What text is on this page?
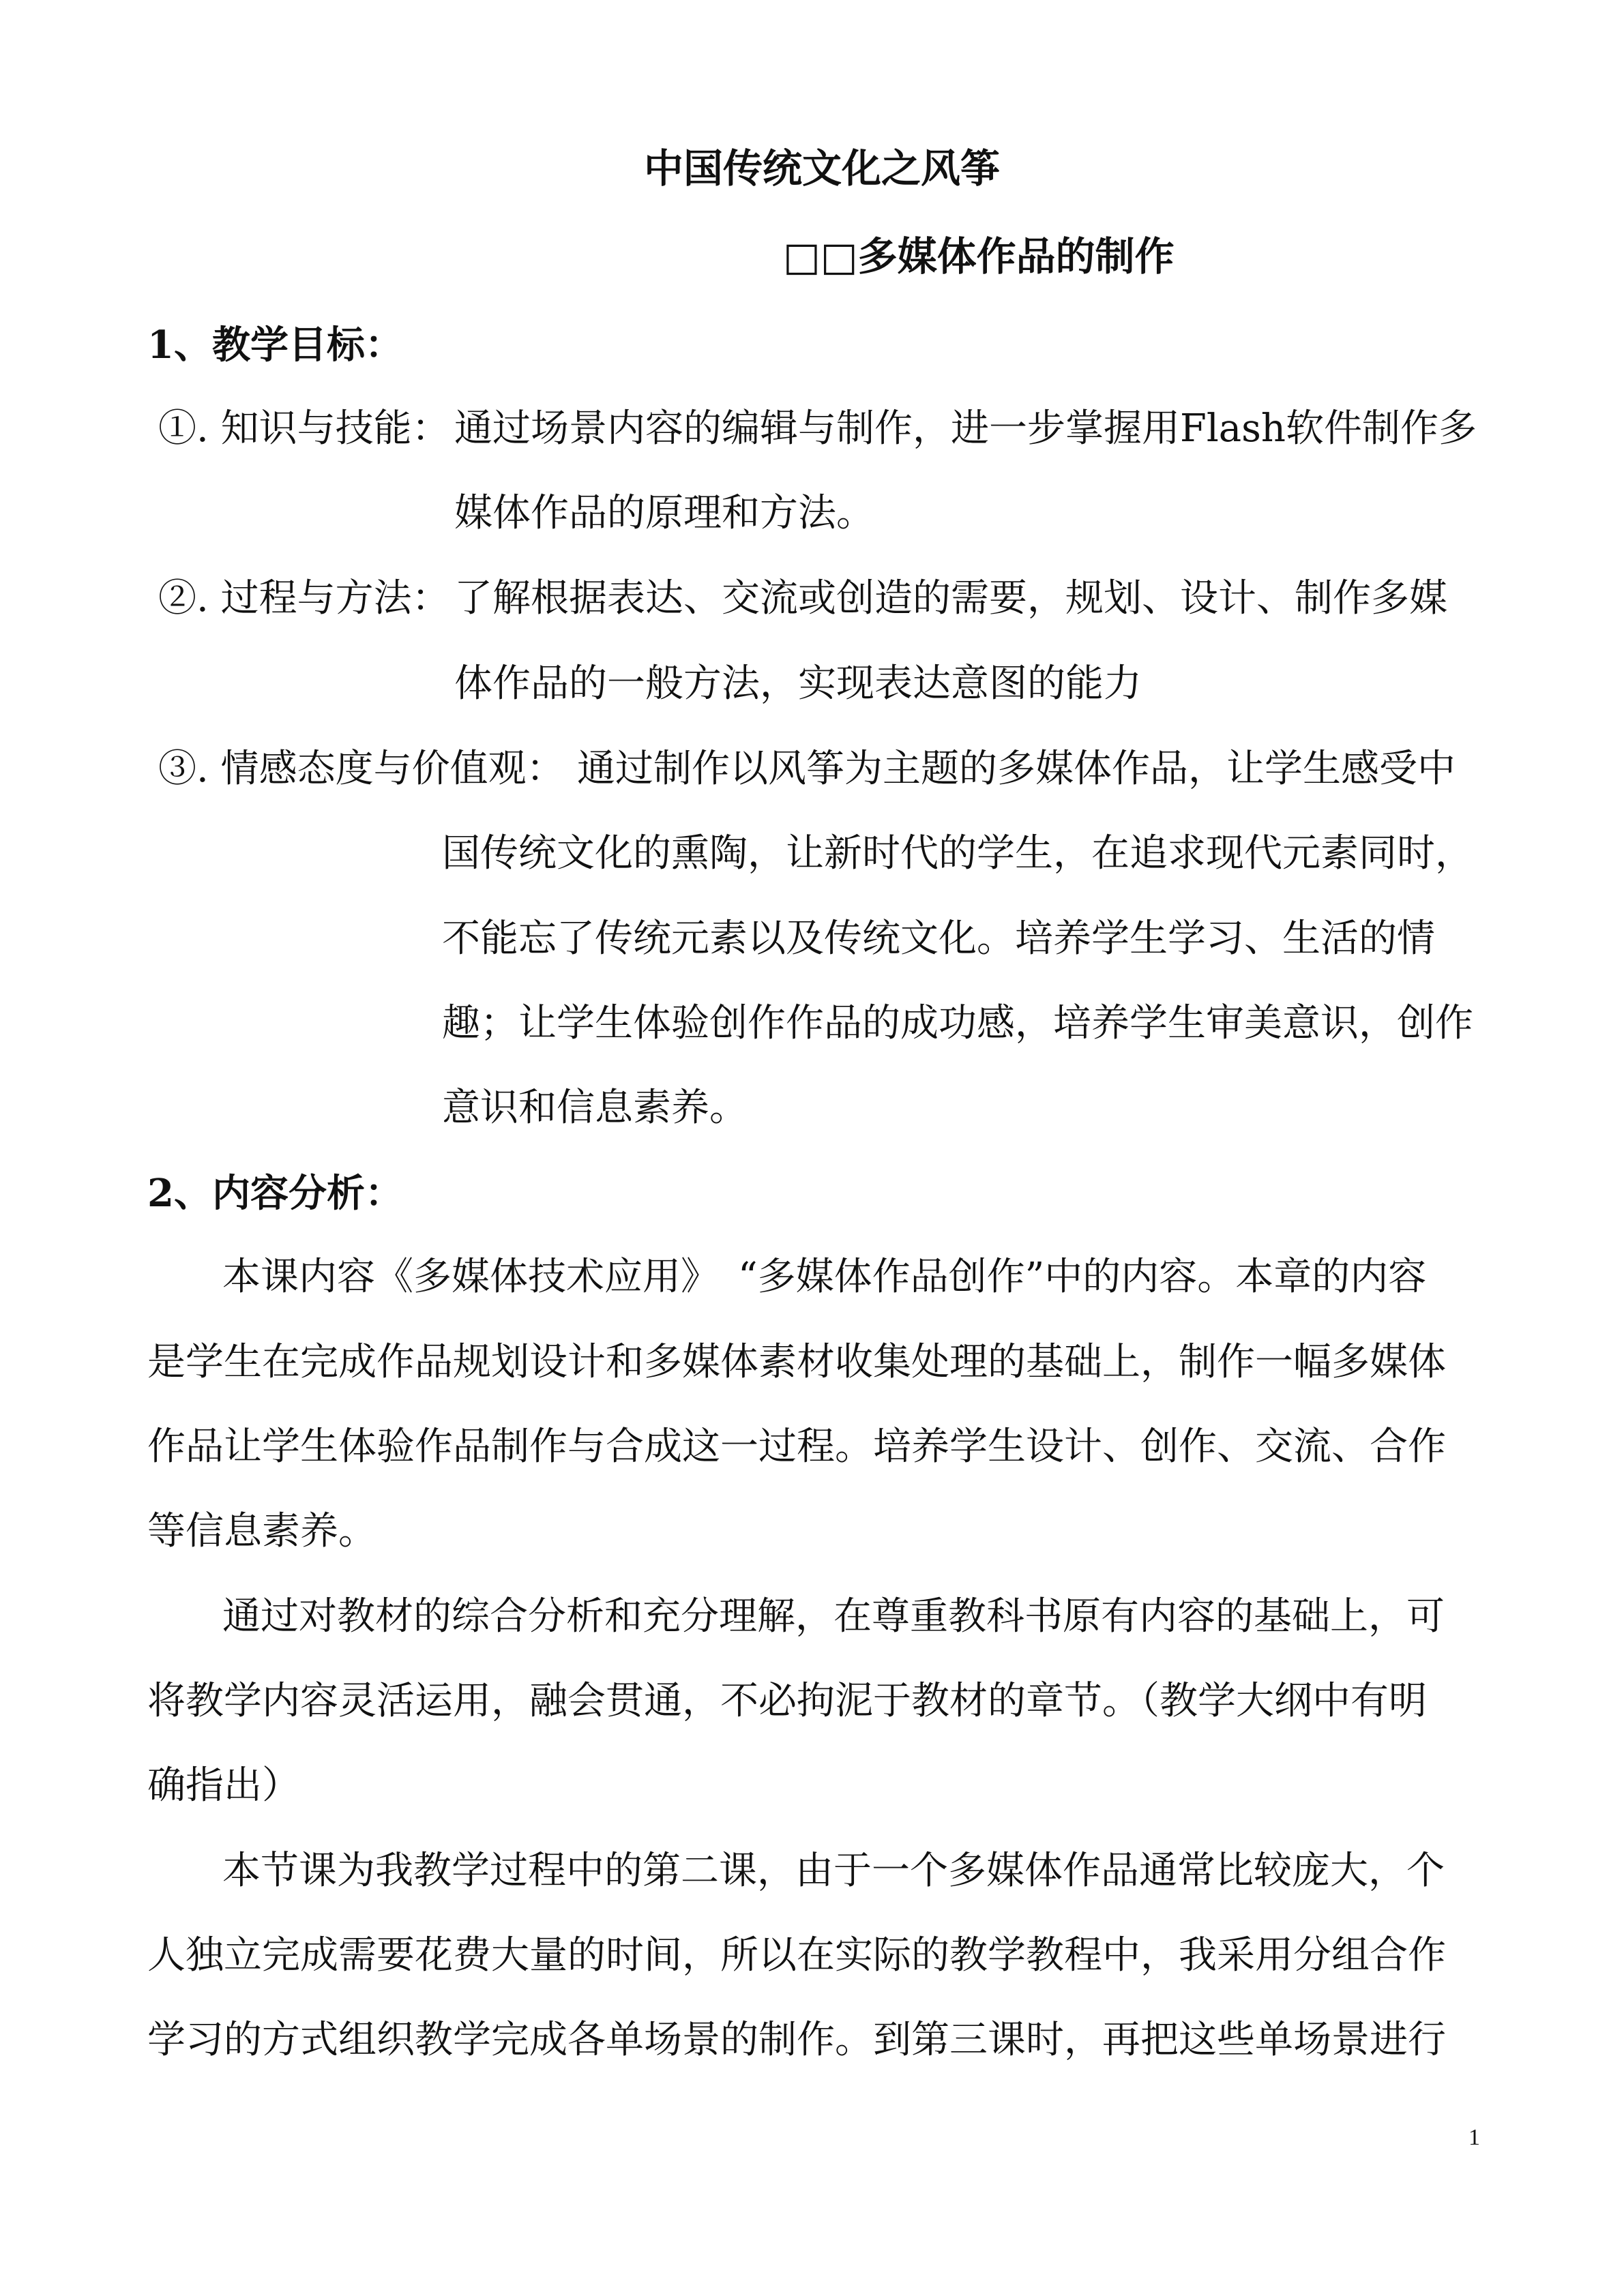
中国传统文化之风筝
□□多媒体作品的制作
1、教学目标：
①. 知识与技能： 通过场景内容的编辑与制作，进一步掌握用Flash软件制作多
媒体作品的原理和方法。
②. 过程与方法： 了解根据表达、交流或创造的需要，规划、设计、制作多媒
体作品的一般方法，实现表达意图的能力
③. 情感态度与价值观： 通过制作以风筝为主题的多媒体作品，让学生感受中
国传统文化的熏陶，让新时代的学生，在追求现代元素同时，
不能忘了传统元素以及传统文化。培养学生学习、生活的情
趣；让学生体验创作作品的成功感，培养学生审美意识，创作
意识和信息素养。
2、内容分析：
本课内容《多媒体技术应用》　“多媒体作品创作”中的内容。本章的内容
是学生在完成作品规划设计和多媒体素材收集处理的基础上，制作一幅多媒体
作品让学生体验作品制作与合成这一过程。培养学生设计、创作、交流、合作
等信息素养。
通过对教材的综合分析和充分理解，在尊重教科书原有内容的基础上，可
将教学内容灵活运用，融会贯通，不必拘泥于教材的章节。（教学大纲中有明
确指出）
本节课为我教学过程中的第二课，由于一个多媒体作品通常比较庞大，个
人独立完成需要花费大量的时间，所以在实际的教学教程中，我采用分组合作
学习的方式组织教学完成各单场景的制作。到第三课时，再把这些单场景进行
1
